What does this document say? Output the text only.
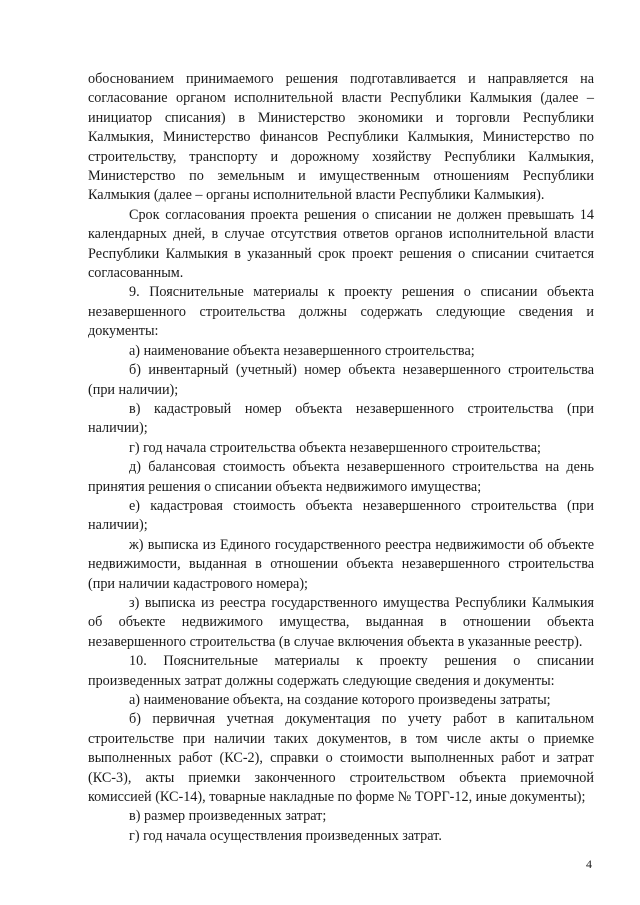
обоснованием принимаемого решения подготавливается и направляется на согласование органом исполнительной власти Республики Калмыкия (далее – инициатор списания) в Министерство экономики и торговли Республики Калмыкия, Министерство финансов Республики Калмыкия, Министерство по строительству, транспорту и дорожному хозяйству Республики Калмыкия, Министерство по земельным и имущественным отношениям Республики Калмыкия (далее – органы исполнительной власти Республики Калмыкия).

Срок согласования проекта решения о списании не должен превышать 14 календарных дней, в случае отсутствия ответов органов исполнительной власти Республики Калмыкия в указанный срок проект решения о списании считается согласованным.

9. Пояснительные материалы к проекту решения о списании объекта незавершенного строительства должны содержать следующие сведения и документы:

а) наименование объекта незавершенного строительства;

б) инвентарный (учетный) номер объекта незавершенного строительства (при наличии);

в) кадастровый номер объекта незавершенного строительства (при наличии);

г) год начала строительства объекта незавершенного строительства;

д) балансовая стоимость объекта незавершенного строительства на день принятия решения о списании объекта недвижимого имущества;

е) кадастровая стоимость объекта незавершенного строительства (при наличии);

ж) выписка из Единого государственного реестра недвижимости об объекте недвижимости, выданная в отношении объекта незавершенного строительства (при наличии кадастрового номера);

з) выписка из реестра государственного имущества Республики Калмыкия об объекте недвижимого имущества, выданная в отношении объекта незавершенного строительства (в случае включения объекта в указанные реестр).

10. Пояснительные материалы к проекту решения о списании произведенных затрат должны содержать следующие сведения и документы:

а) наименование объекта, на создание которого произведены затраты;

б) первичная учетная документация по учету работ в капитальном строительстве при наличии таких документов, в том числе акты о приемке выполненных работ (КС-2), справки о стоимости выполненных работ и затрат (КС-3), акты приемки законченного строительством объекта приемочной комиссией (КС-14), товарные накладные по форме № ТОРГ-12, иные документы);

в) размер произведенных затрат;

г) год начала осуществления произведенных затрат.

4
